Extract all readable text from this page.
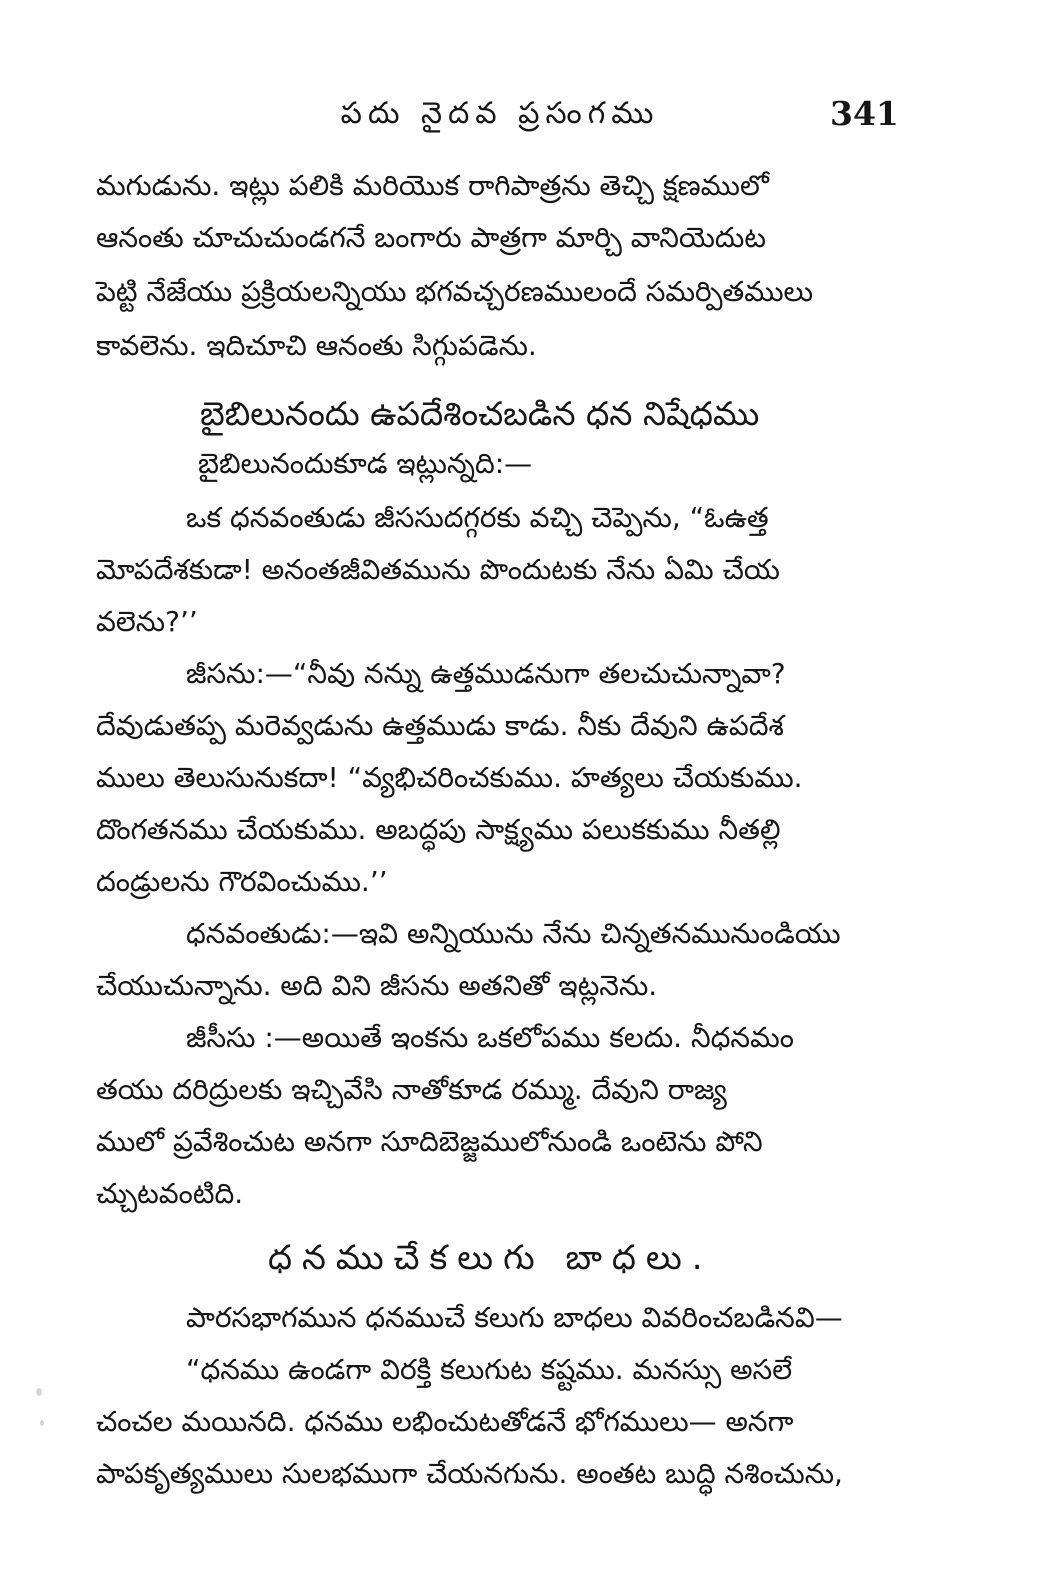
పదు నైదవ ప్రసంగము	341
మగుడును. ఇట్లు పలికి మరియొక రాగిపాత్రను తెచ్చి క్షణములో
ఆనంతు చూచుచుండగనే బంగారు పాత్రగా మార్చి వానియెదుట
పెట్టి నేజేయు ప్రక్రియలన్నియు భగవచ్చరణములందే సమర్పితములు
కావలెను. ఇదిచూచి ఆనంతు సిగ్గుపడెను.
బైబిలునందు ఉపదేశించబడిన ధన నిషేధము
బైబిలునందుకూడ ఇట్లున్నది:—
ఒక ధనవంతుడు జీససుదగ్గరకు వచ్చి చెప్పెను, “ఓఉత్త
మోపదేశకుడా! అనంతజీవితమును పొందుటకు నేను ఏమి చేయ
వలెను?’’
జీసను:—“నీవు నన్ను ఉత్తముడనుగా తలచుచున్నావా?
దేవుడుతప్ప మరెవ్వడును ఉత్తముడు కాడు. నీకు దేవుని ఉపదేశ
ములు తెలుసునుకదా! “వ్యభిచరించకుము. హత్యలు చేయకుము.
దొంగతనము చేయకుము. అబద్ధపు సాక్ష్యము పలుకకుము నీతల్లి
దండ్రులను గౌరవించుము.’’
ధనవంతుడు:—ఇవి అన్నియును నేను చిన్నతనమునుండియు
చేయుచున్నాను. అది విని జీసను అతనితో ఇట్లనెను.
జీసీసు :—అయితే ఇంకను ఒకలోపము కలదు. నీధనమం
తయు దరిద్రులకు ఇచ్చివేసి నాతోకూడ రమ్ము. దేవుని రాజ్య
ములో ప్రవేశించుట అనగా సూదిబెజ్జములోనుండి ఒంటెను పోని
చ్చుటవంటిది.
ధనముచేకలుగు బాధలు.
పారసభాగమున ధనముచే కలుగు బాధలు వివరించబడినవి—
“ధనము ఉండగా విరక్తి కలుగుట కష్టము. మనస్సు అసలే
చంచల మయినది. ధనము లభించుటతోడనే భోగములు— అనగా
పాపకృత్యములు సులభముగా చేయనగును. అంతట బుద్ధి నశించును,
